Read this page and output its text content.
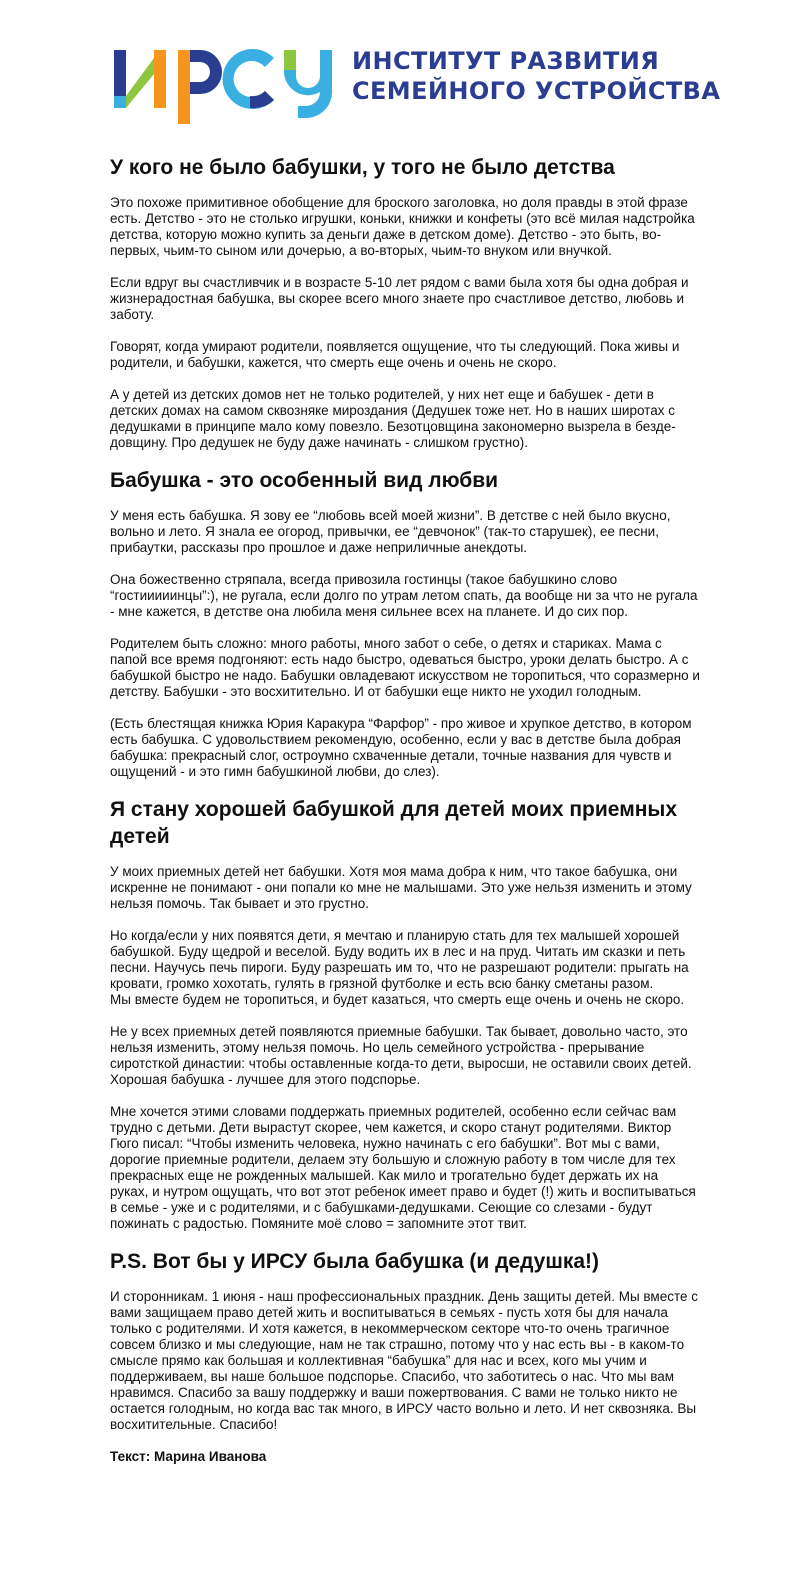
ИНСТИТУТ РАЗВИТИЯ
СЕМЕЙНОГО УСТРОЙСТВА
У кого не было бабушки, у того не было детства

Это похоже примитивное обобщение для броского заголовка, но доля правды в этой фразе есть. Детство - это не столько игрушки, коньки, книжки и конфеты (это всё милая надстройка детства, которую можно купить за деньги даже в детском доме). Детство - это быть, во-первых, чьим-то сыном или дочерью, а во-вторых, чьим-то внуком или внучкой.

Если вдруг вы счастливчик и в возрасте 5-10 лет рядом с вами была хотя бы одна добрая и жизнерадостная бабушка, вы скорее всего много знаете про счастливое детство, любовь и заботу.

Говорят, когда умирают родители, появляется ощущение, что ты следующий. Пока живы и родители, и бабушки, кажется, что смерть еще очень и очень не скоро.

А у детей из детских домов нет не только родителей, у них нет еще и бабушек - дети в детских домах на самом сквозняке мироздания (Дедушек тоже нет. Но в наших широтах с дедушками в принципе мало кому повезло. Безотцовщина закономерно вызрела в бездедовщину. Про дедушек не буду даже начинать - слишком грустно).

Бабушка - это особенный вид любви

У меня есть бабушка. Я зову ее “любовь всей моей жизни”. В детстве с ней было вкусно, вольно и лето. Я знала ее огород, привычки, ее “девчонок” (так-то старушек), ее песни, прибаутки, рассказы про прошлое и даже неприличные анекдоты.

Она божественно стряпала, всегда привозила гостинцы (такое бабушкино слово “гостииииинцы”:), не ругала, если долго по утрам летом спать, да вообще ни за что не ругала - мне кажется, в детстве она любила меня сильнее всех на планете. И до сих пор.

Родителем быть сложно: много работы, много забот о себе, о детях и стариках. Мама с папой все время подгоняют: есть надо быстро, одеваться быстро, уроки делать быстро. А с бабушкой быстро не надо. Бабушки овладевают искусством не торопиться, что соразмерно и детству. Бабушки - это восхитительно. И от бабушки еще никто не уходил голодным.

(Есть блестящая книжка Юрия Каракура “Фарфор” - про живое и хрупкое детство, в котором есть бабушка. С удовольствием рекомендую, особенно, если у вас в детстве была добрая бабушка: прекрасный слог, остроумно схваченные детали, точные названия для чувств и ощущений - и это гимн бабушкиной любви, до слез).

Я стану хорошей бабушкой для детей моих приемных детей

У моих приемных детей нет бабушки. Хотя моя мама добра к ним, что такое бабушка, они искренне не понимают - они попали ко мне не малышами. Это уже нельзя изменить и этому нельзя помочь. Так бывает и это грустно.

Но когда/если у них появятся дети, я мечтаю и планирую стать для тех малышей хорошей бабушкой. Буду щедрой и веселой. Буду водить их в лес и на пруд. Читать им сказки и петь песни. Научусь печь пироги. Буду разрешать им то, что не разрешают родители: прыгать на кровати, громко хохотать, гулять в грязной футболке и есть всю банку сметаны разом.
Мы вместе будем не торопиться, и будет казаться, что смерть еще очень и очень не скоро.

Не у всех приемных детей появляются приемные бабушки. Так бывает, довольно часто, это нельзя изменить, этому нельзя помочь. Но цель семейного устройства - прерывание сиротсткой династии: чтобы оставленные когда-то дети, выросши, не оставили своих детей. Хорошая бабушка - лучшее для этого подспорье.

Мне хочется этими словами поддержать приемных родителей, особенно если сейчас вам трудно с детьми. Дети вырастут скорее, чем кажется, и скоро станут родителями. Виктор Гюго писал: “Чтобы изменить человека, нужно начинать с его бабушки”. Вот мы с вами, дорогие приемные родители, делаем эту большую и сложную работу в том числе для тех прекрасных еще не рожденных малышей. Как мило и трогательно будет держать их на руках, и нутром ощущать, что вот этот ребенок имеет право и будет (!) жить и воспитываться в семье - уже и с родителями, и с бабушками-дедушками. Сеющие со слезами - будут пожинать с радостью. Помяните моё слово = запомните этот твит.

P.S. Вот бы у ИРСУ была бабушка (и дедушка!)

И сторонникам. 1 июня - наш профессиональных праздник. День защиты детей. Мы вместе с вами защищаем право детей жить и воспитываться в семьях - пусть хотя бы для начала только с родителями. И хотя кажется, в некоммерческом секторе что-то очень трагичное совсем близко и мы следующие, нам не так страшно, потому что у нас есть вы - в каком-то смысле прямо как большая и коллективная “бабушка” для нас и всех, кого мы учим и поддерживаем, вы наше большое подспорье. Спасибо, что заботитесь о нас. Что мы вам нравимся. Спасибо за вашу поддержку и ваши пожертвования. С вами не только никто не остается голодным, но когда вас так много, в ИРСУ часто вольно и лето. И нет сквозняка. Вы восхитительные. Спасибо!

Текст: Марина Иванова
